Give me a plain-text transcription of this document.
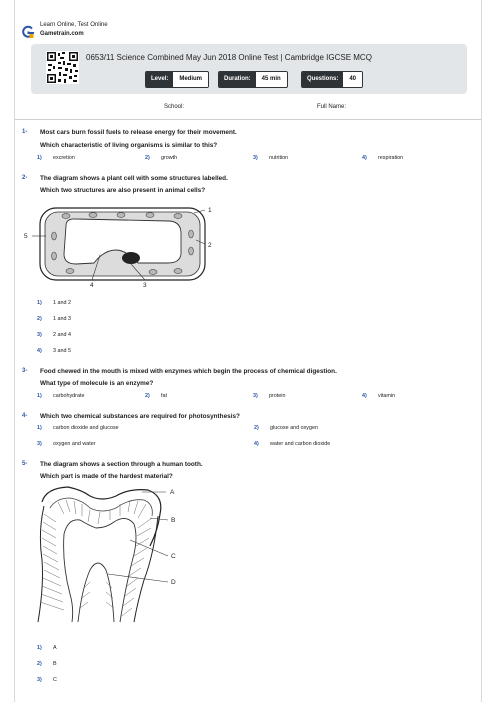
Learn Online, Test Online
Gametrain.com
0653/11 Science Combined May Jun 2018 Online Test | Cambridge IGCSE MCQ
Level:	Medium	Duration:	45 min	Questions:	40
School:	Full Name:
1- Most cars burn fossil fuels to release energy for their movement.
Which characteristic of living organisms is similar to this?
1) excretion	2) growth	3) nutrition	4) respiration
2- The diagram shows a plant cell with some structures labelled.
Which two structures are also present in animal cells?
1
2
3
4
5
1) 1 and 2
2) 1 and 3
3) 2 and 4
4) 3 and 5
3- Food chewed in the mouth is mixed with enzymes which begin the process of chemical digestion.
What type of molecule is an enzyme?
1) carbohydrate	2) fat	3) protein	4) vitamin
4- Which two chemical substances are required for photosynthesis?
1) carbon dioxide and glucose	2) glucose and oxygen
3) oxygen and water	4) water and carbon dioxide
5- The diagram shows a section through a human tooth.
Which part is made of the hardest material?
A
B
C
D
1) A
2) B
3) C
